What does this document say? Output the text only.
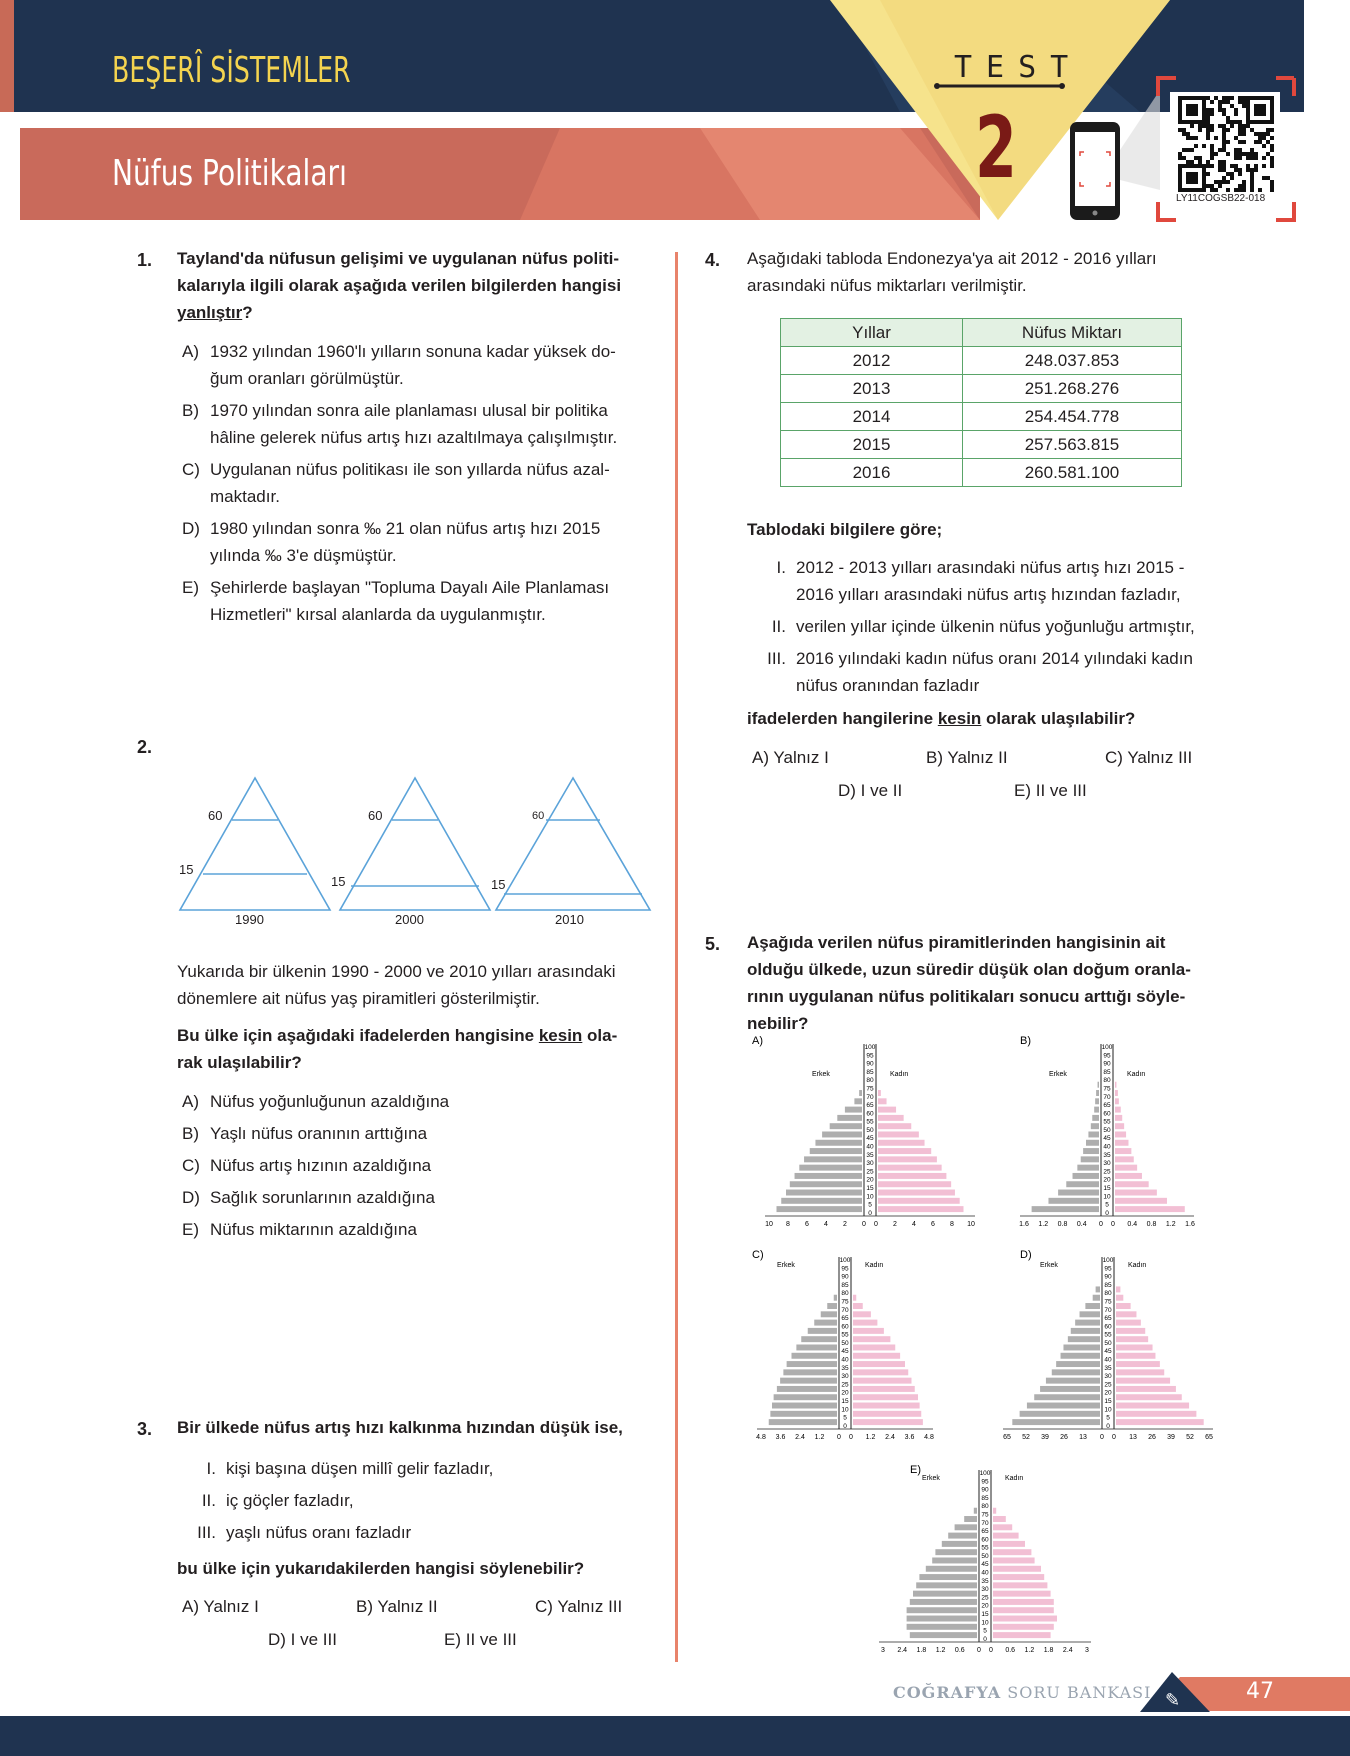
BEŞERÎ SİSTEMLER
Nüfus Politikaları
TEST
2
LY11COGSB22-018
1. Tayland'da nüfusun gelişimi ve uygulanan nüfus politi-
kalarıyla ilgili olarak aşağıda verilen bilgilerden hangisi
yanlıştır?
A) 1932 yılından 1960'lı yılların sonuna kadar yüksek do-
ğum oranları görülmüştür.
B) 1970 yılından sonra aile planlaması ulusal bir politika
hâline gelerek nüfus artış hızı azaltılmaya çalışılmıştır.
C) Uygulanan nüfus politikası ile son yıllarda nüfus azal-
maktadır.
D) 1980 yılından sonra ‰ 21 olan nüfus artış hızı 2015
yılında ‰ 3'e düşmüştür.
E) Şehirlerde başlayan "Topluma Dayalı Aile Planlaması
Hizmetleri" kırsal alanlarda da uygulanmıştır.
2.
60
15
1990
60
15
2000
60
15
2010
Yukarıda bir ülkenin 1990 - 2000 ve 2010 yılları arasındaki
dönemlere ait nüfus yaş piramitleri gösterilmiştir.
Bu ülke için aşağıdaki ifadelerden hangisine kesin ola-
rak ulaşılabilir?
A) Nüfus yoğunluğunun azaldığına
B) Yaşlı nüfus oranının arttığına
C) Nüfus artış hızının azaldığına
D) Sağlık sorunlarının azaldığına
E) Nüfus miktarının azaldığına
3. Bir ülkede nüfus artış hızı kalkınma hızından düşük ise,
I. kişi başına düşen millî gelir fazladır,
II. iç göçler fazladır,
III. yaşlı nüfus oranı fazladır
bu ülke için yukarıdakilerden hangisi söylenebilir?
A) Yalnız I	B) Yalnız II	C) Yalnız III
D) I ve III	E) II ve III
4. Aşağıdaki tabloda Endonezya'ya ait 2012 - 2016 yılları
arasındaki nüfus miktarları verilmiştir.
Yıllar	Nüfus Miktarı
2012	248.037.853
2013	251.268.276
2014	254.454.778
2015	257.563.815
2016	260.581.100
Tablodaki bilgilere göre;
I. 2012 - 2013 yılları arasındaki nüfus artış hızı 2015 -
2016 yılları arasındaki nüfus artış hızından fazladır,
II. verilen yıllar içinde ülkenin nüfus yoğunluğu artmıştır,
III. 2016 yılındaki kadın nüfus oranı 2014 yılındaki kadın
nüfus oranından fazladır
ifadelerden hangilerine kesin olarak ulaşılabilir?
A) Yalnız I	B) Yalnız II	C) Yalnız III
D) I ve II	E) II ve III
5. Aşağıda verilen nüfus piramitlerinden hangisinin ait
olduğu ülkede, uzun süredir düşük olan doğum oranla-
rının uygulanan nüfus politikaları sonucu arttığı söyle-
nebilir?
A)
100
95
90
85
80
75
70
65
60
55
50
45
40
35
30
25
20
15
10
5
0
Erkek	Kadın
10 8 6 4 2 0 0 2 4 6 8 10
B)
100
95
90
85
80
75
70
65
60
55
50
45
40
35
30
25
20
15
10
5
0
Erkek	Kadın
1.6 1.2 0.8 0.4 0 0 0.4 0.8 1.2 1.6
C)	100
95
90
85
80
75
70
65
60
55
50
45
40
35
30
25
20
15
10
5
0
Erkek	Kadın
4.8 3.6 2.4 1.2 0 0 1.2 2.4 3.6 4.8
D)	100
95
90
85
80
75
70
65
60
55
50
45
40
35
30
25
20
15
10
5
0
Erkek	Kadın
65 52 39 26 13 0 0 13 26 39 52 65
E)	100
95
90
85
80
75
70
65
60
55
50
45
40
35
30
25
20
15
10
5
0
Erkek	Kadın
3 2.4 1.8 1.2 0.6 0 0 0.6 1.2 1.8 2.4 3
✎
COĞRAFYA SORU BANKASI	47
